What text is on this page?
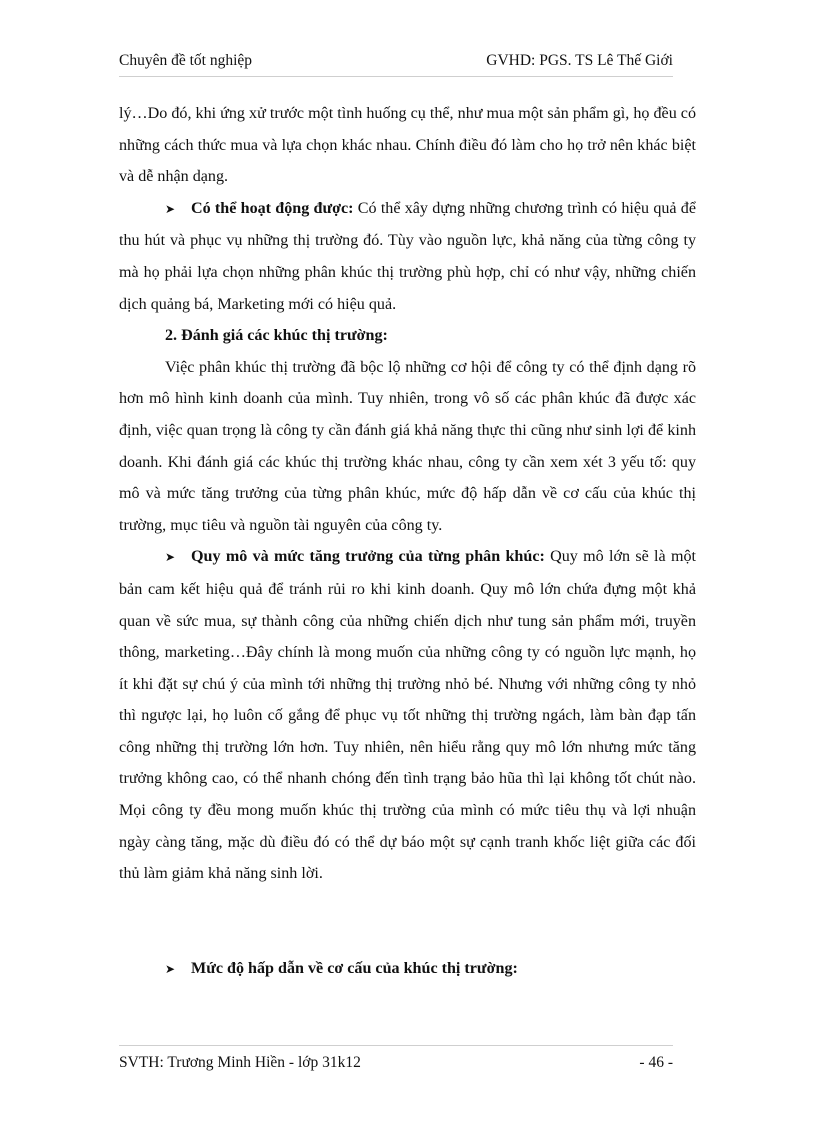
Chuyên đề tốt nghiệp	GVHD: PGS. TS Lê Thế Giới

lý…Do đó, khi ứng xử trước một tình huống cụ thể, như mua một sản phẩm gì, họ đều có những cách thức mua và lựa chọn khác nhau. Chính điều đó làm cho họ trở nên khác biệt và dễ nhận dạng.

➤ Có thể hoạt động được: Có thể xây dựng những chương trình có hiệu quả để thu hút và phục vụ những thị trường đó. Tùy vào nguồn lực, khả năng của từng công ty mà họ phải lựa chọn những phân khúc thị trường phù hợp, chỉ có như vậy, những chiến dịch quảng bá, Marketing mới có hiệu quả.

2. Đánh giá các khúc thị trường:

Việc phân khúc thị trường đã bộc lộ những cơ hội để công ty có thể định dạng rõ hơn mô hình kinh doanh của mình. Tuy nhiên, trong vô số các phân khúc đã được xác định, việc quan trọng là công ty cần đánh giá khả năng thực thi cũng như sinh lợi để kinh doanh. Khi đánh giá các khúc thị trường khác nhau, công ty cần xem xét 3 yếu tố: quy mô và mức tăng trưởng của từng phân khúc, mức độ hấp dẫn về cơ cấu của khúc thị trường, mục tiêu và nguồn tài nguyên của công ty.

➤ Quy mô và mức tăng trưởng của từng phân khúc: Quy mô lớn sẽ là một bản cam kết hiệu quả để tránh rủi ro khi kinh doanh. Quy mô lớn chứa đựng một khả quan về sức mua, sự thành công của những chiến dịch như tung sản phẩm mới, truyền thông, marketing…Đây chính là mong muốn của những công ty có nguồn lực mạnh, họ ít khi đặt sự chú ý của mình tới những thị trường nhỏ bé. Nhưng với những công ty nhỏ thì ngược lại, họ luôn cố gắng để phục vụ tốt những thị trường ngách, làm bàn đạp tấn công những thị trường lớn hơn. Tuy nhiên, nên hiểu rằng quy mô lớn nhưng mức tăng trưởng không cao, có thể nhanh chóng đến tình trạng bảo hũa thì lại không tốt chút nào. Mọi công ty đều mong muốn khúc thị trường của mình có mức tiêu thụ và lợi nhuận ngày càng tăng, mặc dù điều đó có thể dự báo một sự cạnh tranh khốc liệt giữa các đối thủ làm giảm khả năng sinh lời.

➤ Mức độ hấp dẫn về cơ cấu của khúc thị trường:

SVTH: Trương Minh Hiền - lớp 31k12	- 46 -
